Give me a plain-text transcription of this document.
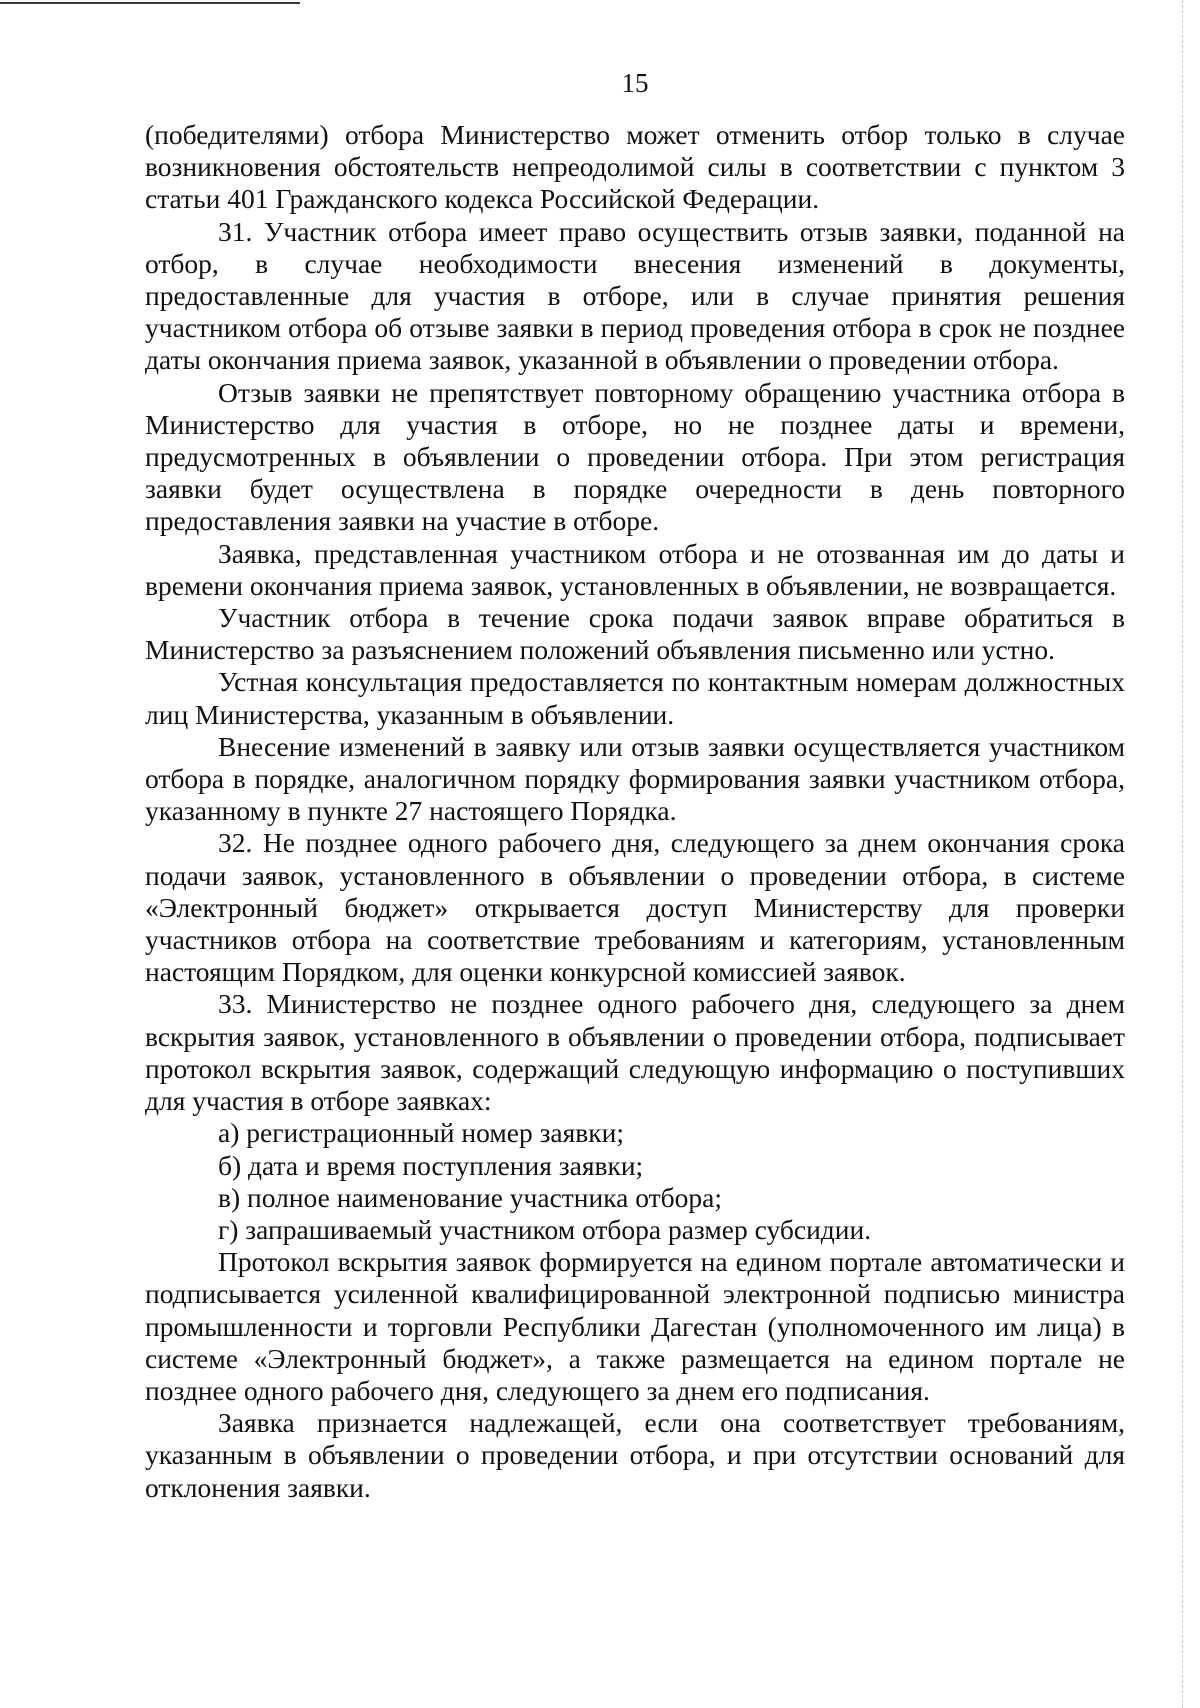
15

(победителями) отбора Министерство может отменить отбор только в случае возникновения обстоятельств непреодолимой силы в соответствии с пунктом 3 статьи 401 Гражданского кодекса Российской Федерации.

31. Участник отбора имеет право осуществить отзыв заявки, поданной на отбор, в случае необходимости внесения изменений в документы, предоставленные для участия в отборе, или в случае принятия решения участником отбора об отзыве заявки в период проведения отбора в срок не позднее даты окончания приема заявок, указанной в объявлении о проведении отбора.

Отзыв заявки не препятствует повторному обращению участника отбора в Министерство для участия в отборе, но не позднее даты и времени, предусмотренных в объявлении о проведении отбора. При этом регистрация заявки будет осуществлена в порядке очередности в день повторного предоставления заявки на участие в отборе.

Заявка, представленная участником отбора и не отозванная им до даты и времени окончания приема заявок, установленных в объявлении, не возвращается.

Участник отбора в течение срока подачи заявок вправе обратиться в Министерство за разъяснением положений объявления письменно или устно.

Устная консультация предоставляется по контактным номерам должностных лиц Министерства, указанным в объявлении.

Внесение изменений в заявку или отзыв заявки осуществляется участником отбора в порядке, аналогичном порядку формирования заявки участником отбора, указанному в пункте 27 настоящего Порядка.

32. Не позднее одного рабочего дня, следующего за днем окончания срока подачи заявок, установленного в объявлении о проведении отбора, в системе «Электронный бюджет» открывается доступ Министерству для проверки участников отбора на соответствие требованиям и категориям, установленным настоящим Порядком, для оценки конкурсной комиссией заявок.

33. Министерство не позднее одного рабочего дня, следующего за днем вскрытия заявок, установленного в объявлении о проведении отбора, подписывает протокол вскрытия заявок, содержащий следующую информацию о поступивших для участия в отборе заявках:

а) регистрационный номер заявки;

б) дата и время поступления заявки;

в) полное наименование участника отбора;

г) запрашиваемый участником отбора размер субсидии.

Протокол вскрытия заявок формируется на едином портале автоматически и подписывается усиленной квалифицированной электронной подписью министра промышленности и торговли Республики Дагестан (уполномоченного им лица) в системе «Электронный бюджет», а также размещается на едином портале не позднее одного рабочего дня, следующего за днем его подписания.

Заявка признается надлежащей, если она соответствует требованиям, указанным в объявлении о проведении отбора, и при отсутствии оснований для отклонения заявки.
